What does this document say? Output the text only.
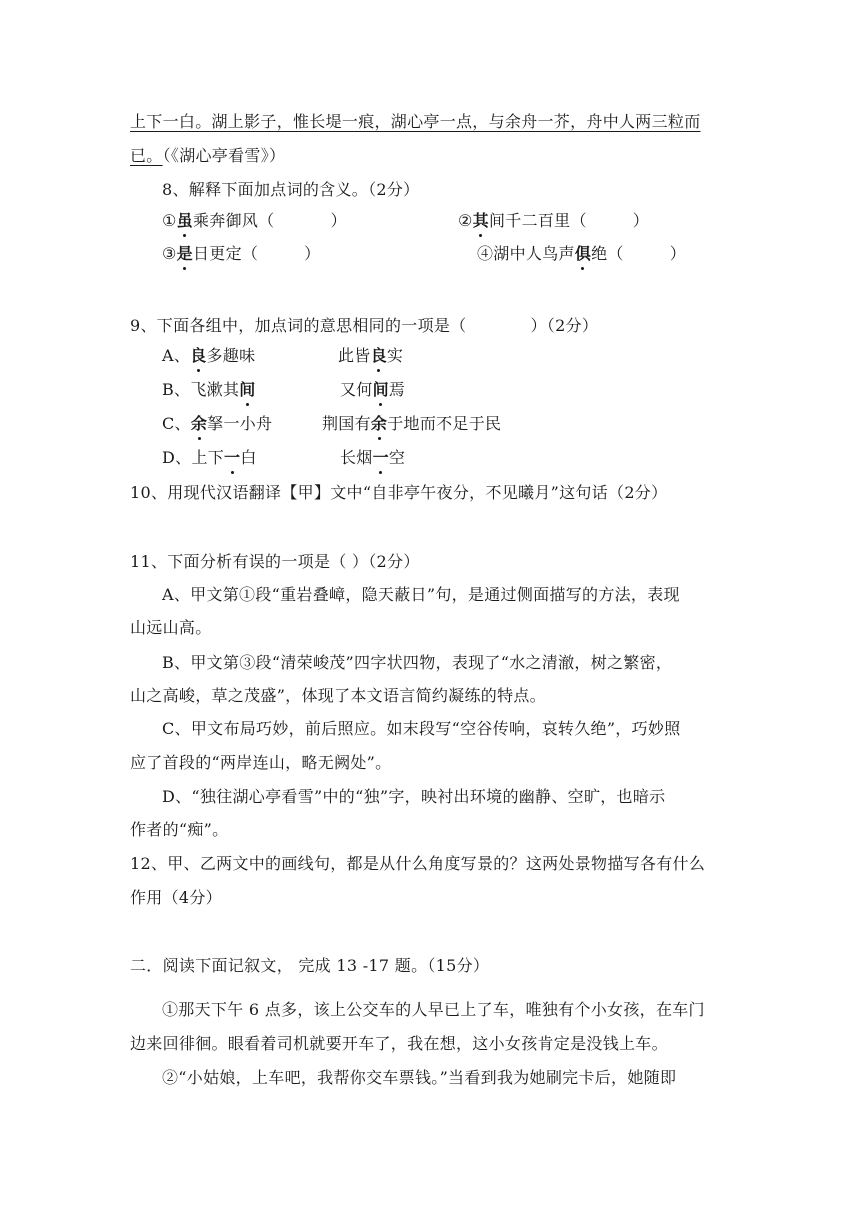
上下一白。湖上影子，惟长堤一痕，湖心亭一点，与余舟一芥，舟中人两三粒而
已。（《湖心亭看雪》）
8、解释下面加点词的含义。（2分）
①虽乘奔御风（	）	②其间千二百里（	）
③是日更定（	）	④湖中人鸟声俱绝（	）
9、下面各组中，加点词的意思相同的一项是（	）（2分）
A、良多趣味	此皆良实
B、飞漱其间	又何间焉
C、余拏一小舟	荆国有余于地而不足于民
D、上下一白	长烟一空
10、用现代汉语翻译【甲】文中“自非亭午夜分，不见曦月”这句话（2分）
11、下面分析有误的一项是（ ）（2分）
A、甲文第①段“重岩叠嶂，隐天蔽日”句，是通过侧面描写的方法，表现
山远山高。
B、甲文第③段“清荣峻茂”四字状四物，表现了“水之清澈，树之繁密，
山之高峻，草之茂盛”，体现了本文语言简约凝练的特点。
C、甲文布局巧妙，前后照应。如末段写“空谷传响，哀转久绝”，巧妙照
应了首段的“两岸连山，略无阙处”。
D、“独往湖心亭看雪”中的“独”字，映衬出环境的幽静、空旷，也暗示
作者的“痴”。
12、甲、乙两文中的画线句，都是从什么角度写景的？这两处景物描写各有什么
作用（4分）
二．阅读下面记叙文， 完成 13 -17 题。（15分）
①那天下午 6 点多，该上公交车的人早已上了车，唯独有个小女孩，在车门
边来回徘徊。眼看着司机就要开车了，我在想，这小女孩肯定是没钱上车。
②“小姑娘，上车吧，我帮你交车票钱。”当看到我为她刷完卡后，她随即
